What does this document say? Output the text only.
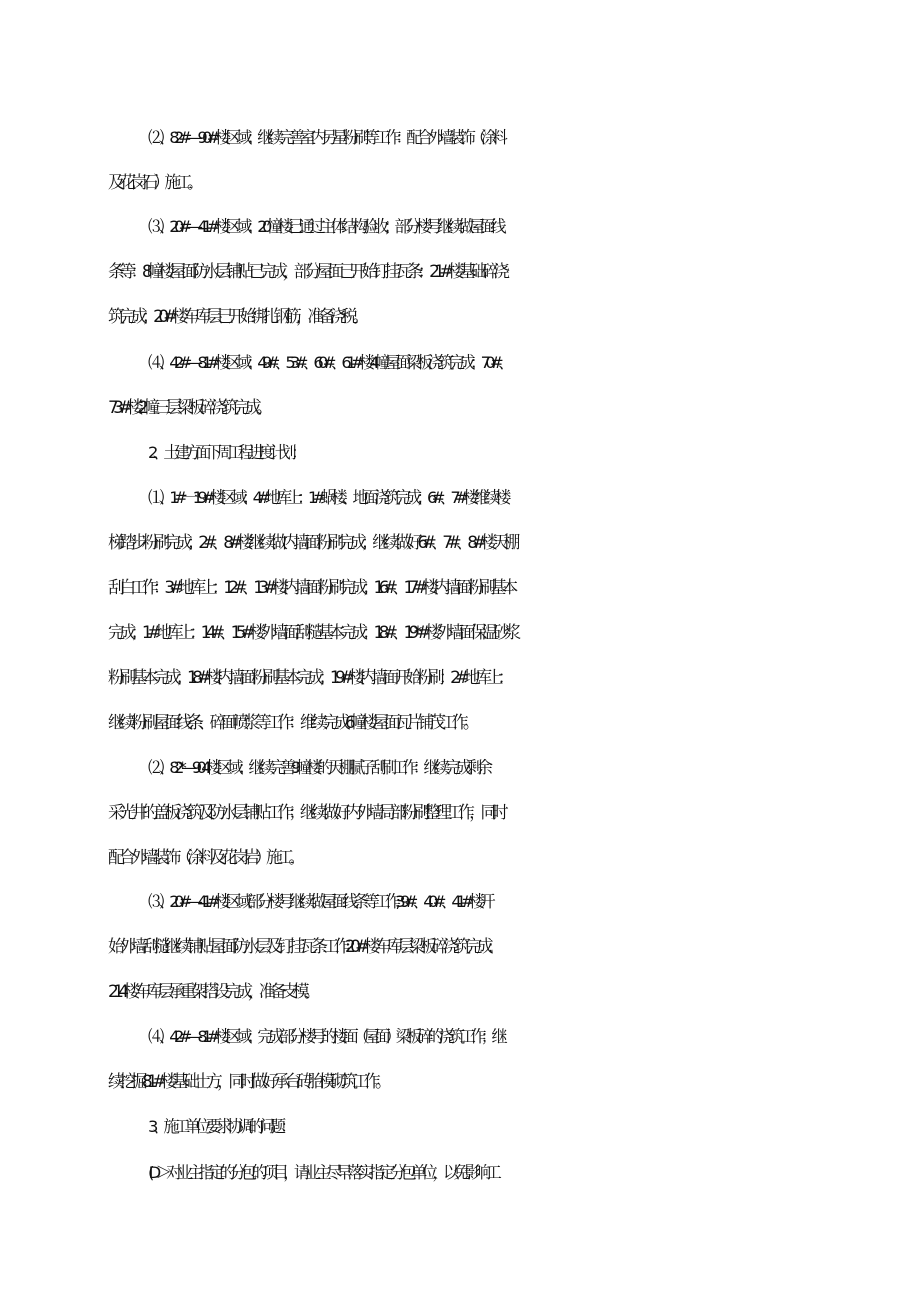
⑵、82#—90#楼区域：继续完善室内另星粉刷等工作：配合外墙装饰（涂料
及花岗石）施工。
⑶、20#—41#楼区域：20憧楼已通过主体结构验收；部分楼号继续做屋面线
条等：8幢楼屋面防水层铺贴已完成，部分屋面已开始钉挂瓦条：21#楼基础碎浇
筑完成；20#楼车库层已开始绑扎钢筋，准备浇税。
⑷、42#—81#楼区域：49#、53#、60#、61#楼4幢屋面梁板浇筑完成：70#、
73#楼2幢三层梁板碎浇筑完成。
2、土建方面下周工程进度计划：
⑴、1#一19#楼区域：4#地库上：1#蜗楼、地面浇筑完成；6#、7#楼维续楼
梯踏步粉刷完成；2#、8#楼继续做内墙面粉刷完成；继续做好6#、7#、8#楼天棚
刮白工作：3#地库上：12#、13#楼内墙面粉刷完成；16#、17#楼内墙面粉刷基本
完成；1#地库上：14#、15#楼外墙面刮糙基本完成：18#、19*#楼外墙面保温砂浆
粉刷基本完成；18#楼内墙面粉刷基本完成；19#楼内墙面开始粉刷：2#地库上：
继续粉刷屋面线条、碎面喷浆等工作：维续完成6幢楼屋面瓦片铺茂工作。
⑵、82*—904楼区域：继续完善9幢楼的天棚腻子刮刷工作：继续完成剩余
采光井的盖板浇筑及防水层铺贴工作；继续做好内外墙局部粉刷整理工作，同时
配合外墙装饰（涂料及花岗岩）施工。
⑶、20#—41#楼区域:部分楼号继续做屋面线条等工作;39#、40#、41#楼开
始外墙刮糙:继续铺贴屋面防水层及钉挂瓦条工作:20#楼车库层梁板碎浇筑完成:
214楼车库层承重架搭设完成，准备支模。
⑷、42#—81#楼区域：完成部分楼号的楼面（屋面）梁板碎的浇筑工作；继
续挖掘81#楼基础土方，同时做好承台砖胎模砌筑工作。
3、施工单位要求协调的问题：
(D＞对业主指定的分包的项目，请业主尽早落实指定分包单位，以免影响工
